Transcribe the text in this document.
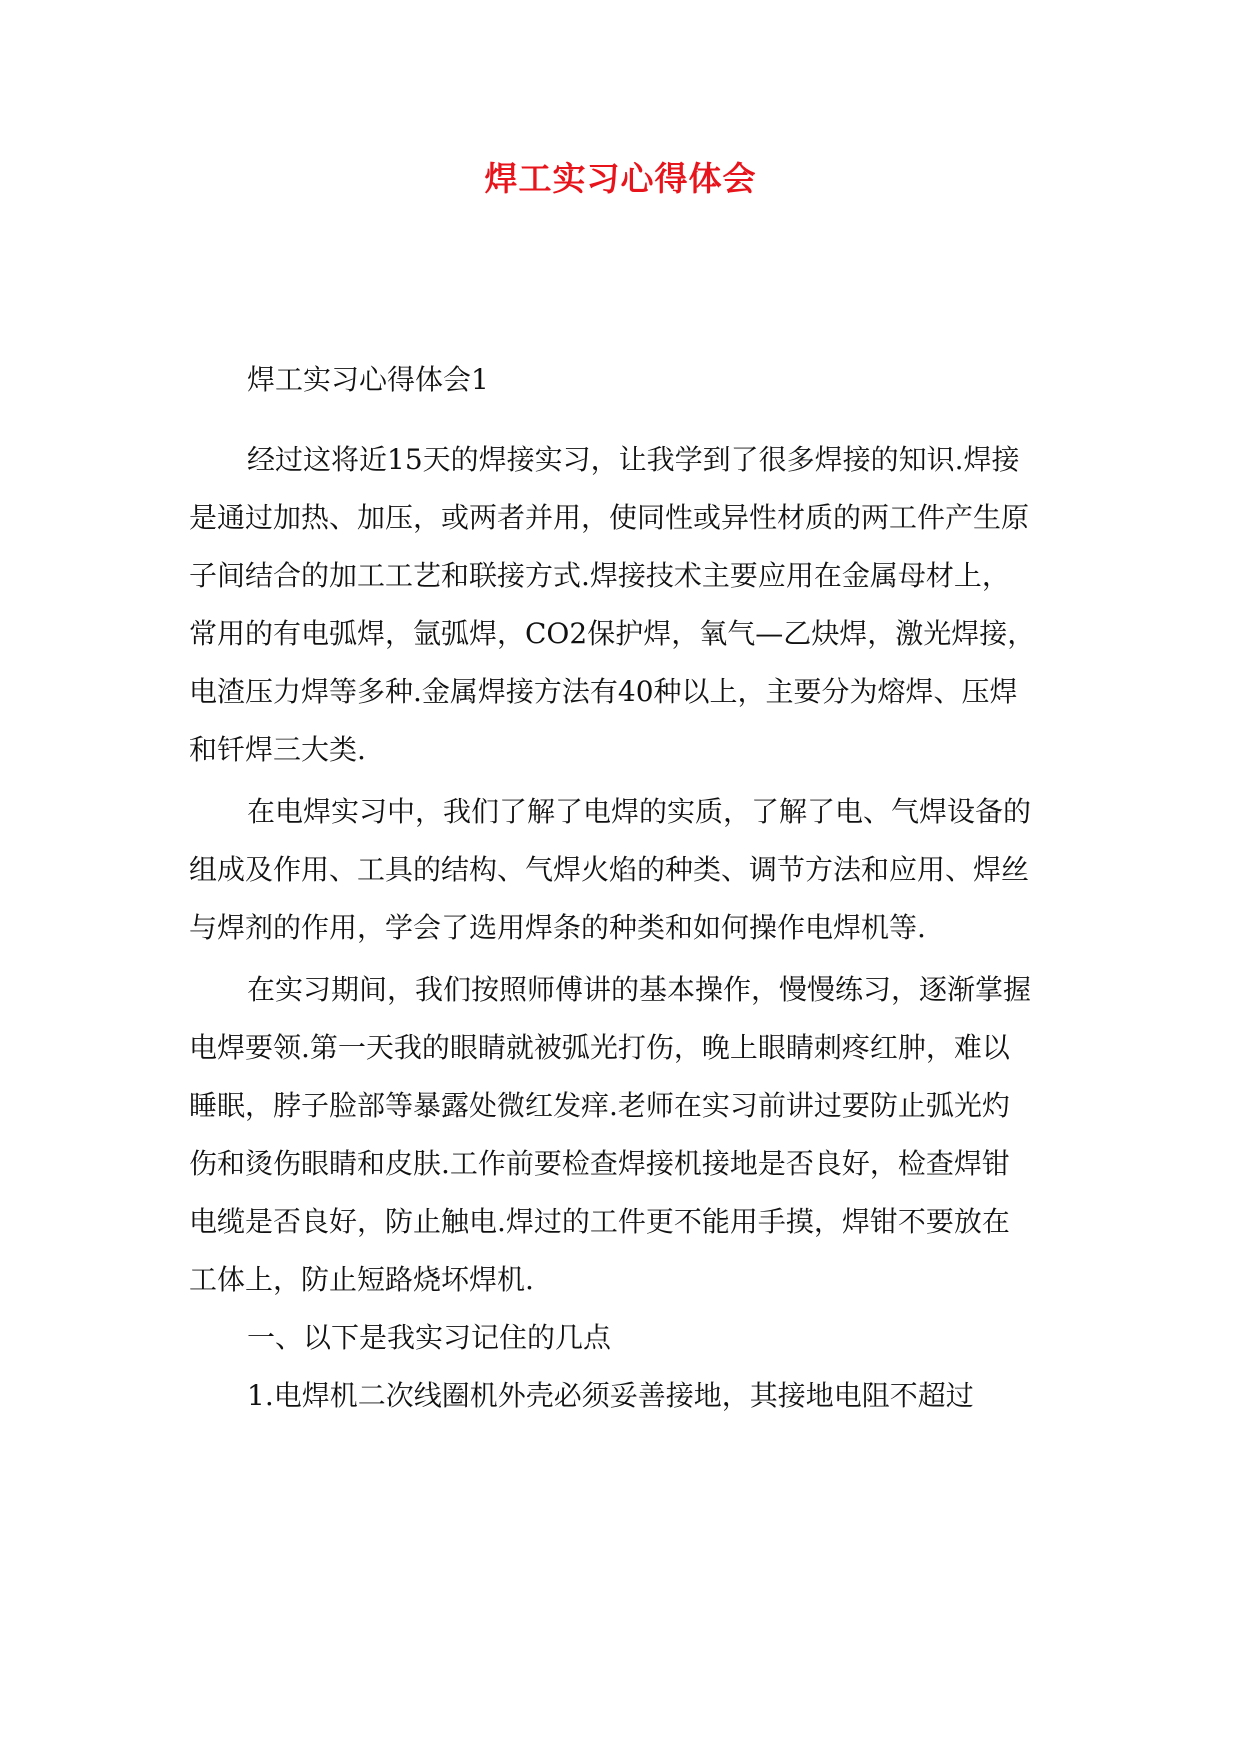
焊工实习心得体会
焊工实习心得体会1
经过这将近15天的焊接实习，让我学到了很多焊接的知识.焊接
是通过加热、加压，或两者并用，使同性或异性材质的两工件产生原
子间结合的加工工艺和联接方式.焊接技术主要应用在金属母材上，
常用的有电弧焊，氩弧焊，CO2保护焊，氧气—乙炔焊，激光焊接，
电渣压力焊等多种.金属焊接方法有40种以上，主要分为熔焊、压焊
和钎焊三大类.
在电焊实习中，我们了解了电焊的实质，了解了电、气焊设备的
组成及作用、工具的结构、气焊火焰的种类、调节方法和应用、焊丝
与焊剂的作用，学会了选用焊条的种类和如何操作电焊机等.
在实习期间，我们按照师傅讲的基本操作，慢慢练习，逐渐掌握
电焊要领.第一天我的眼睛就被弧光打伤，晚上眼睛刺疼红肿，难以
睡眠，脖子脸部等暴露处微红发痒.老师在实习前讲过要防止弧光灼
伤和烫伤眼睛和皮肤.工作前要检查焊接机接地是否良好，检查焊钳
电缆是否良好，防止触电.焊过的工件更不能用手摸，焊钳不要放在
工体上，防止短路烧坏焊机.
一、以下是我实习记住的几点
1.电焊机二次线圈机外壳必须妥善接地，其接地电阻不超过
